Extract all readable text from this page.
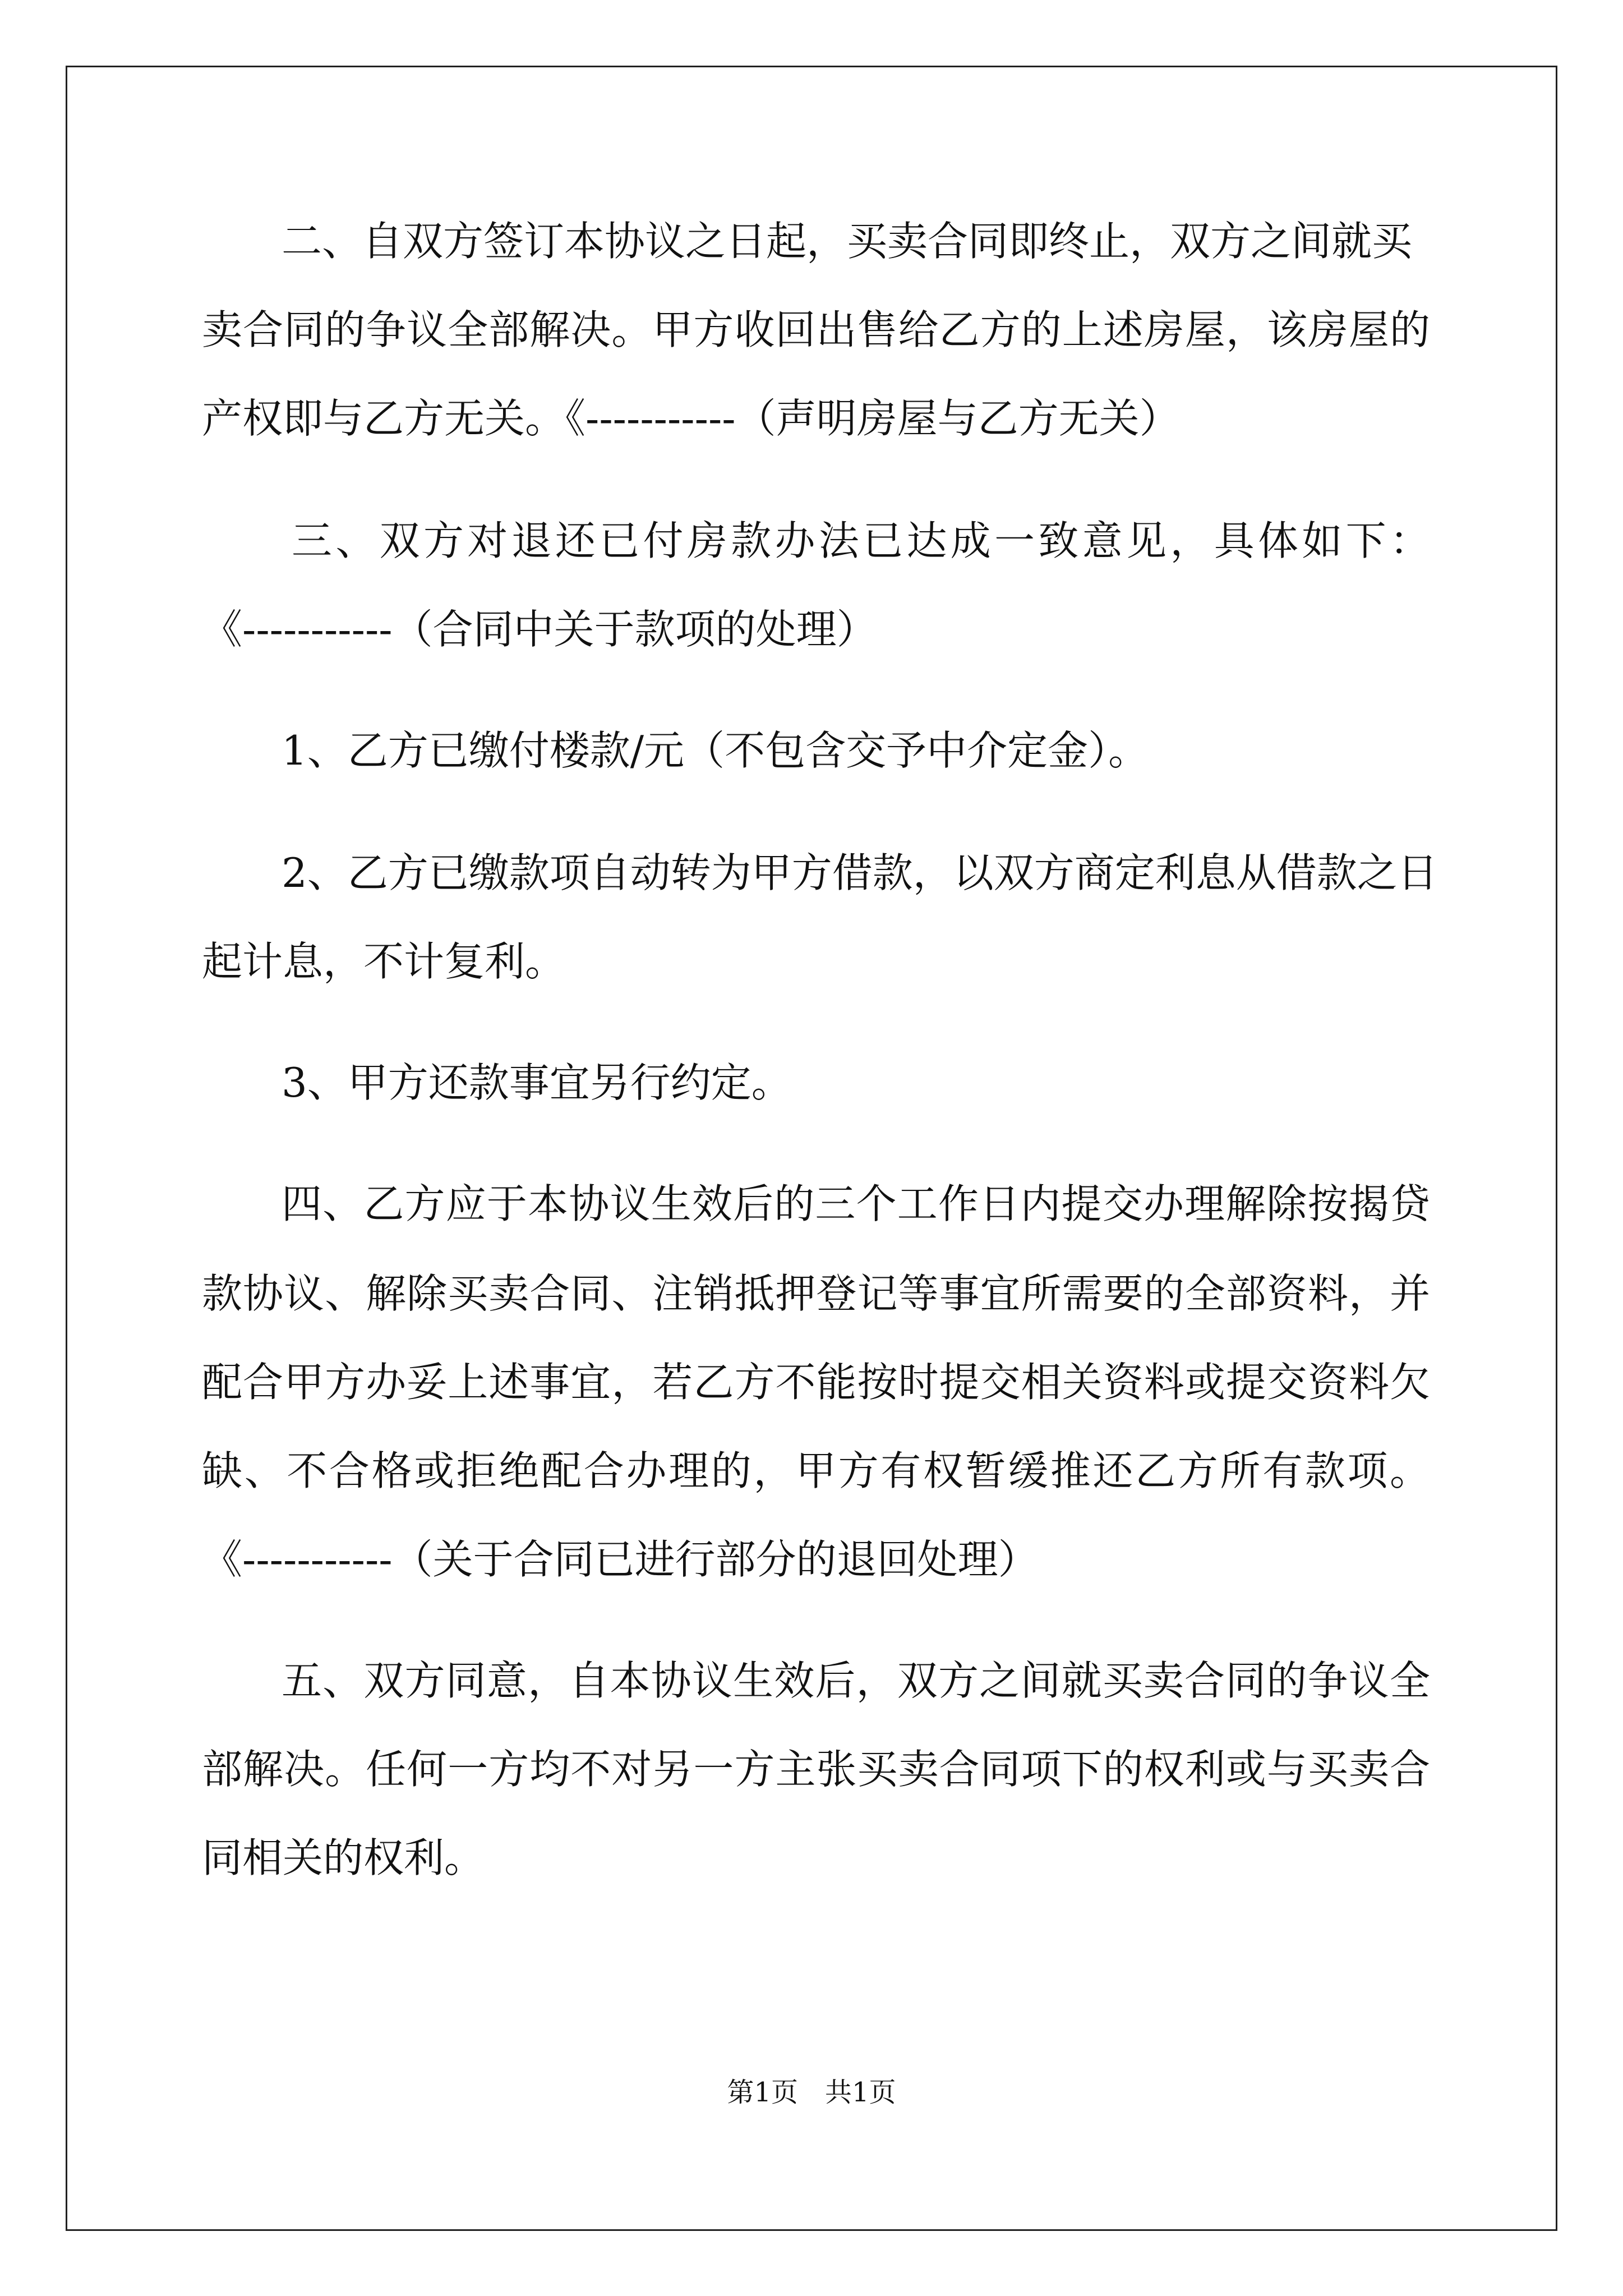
二、自双方签订本协议之日起，买卖合同即终止，双方之间就买
卖合同的争议全部解决。甲方收回出售给乙方的上述房屋，该房屋的
产权即与乙方无关。《-----------（声明房屋与乙方无关）
三、双方对退还已付房款办法已达成一致意见，具体如下：
《-----------（合同中关于款项的处理）
1、乙方已缴付楼款/元（不包含交予中介定金）。
2、乙方已缴款项自动转为甲方借款，以双方商定利息从借款之日
起计息，不计复利。
3、甲方还款事宜另行约定。
四、乙方应于本协议生效后的三个工作日内提交办理解除按揭贷
款协议、解除买卖合同、注销抵押登记等事宜所需要的全部资料，并
配合甲方办妥上述事宜，若乙方不能按时提交相关资料或提交资料欠
缺、不合格或拒绝配合办理的，甲方有权暂缓推还乙方所有款项。
《-----------（关于合同已进行部分的退回处理）
五、双方同意，自本协议生效后，双方之间就买卖合同的争议全
部解决。任何一方均不对另一方主张买卖合同项下的权利或与买卖合
同相关的权利。
第1页　共1页
